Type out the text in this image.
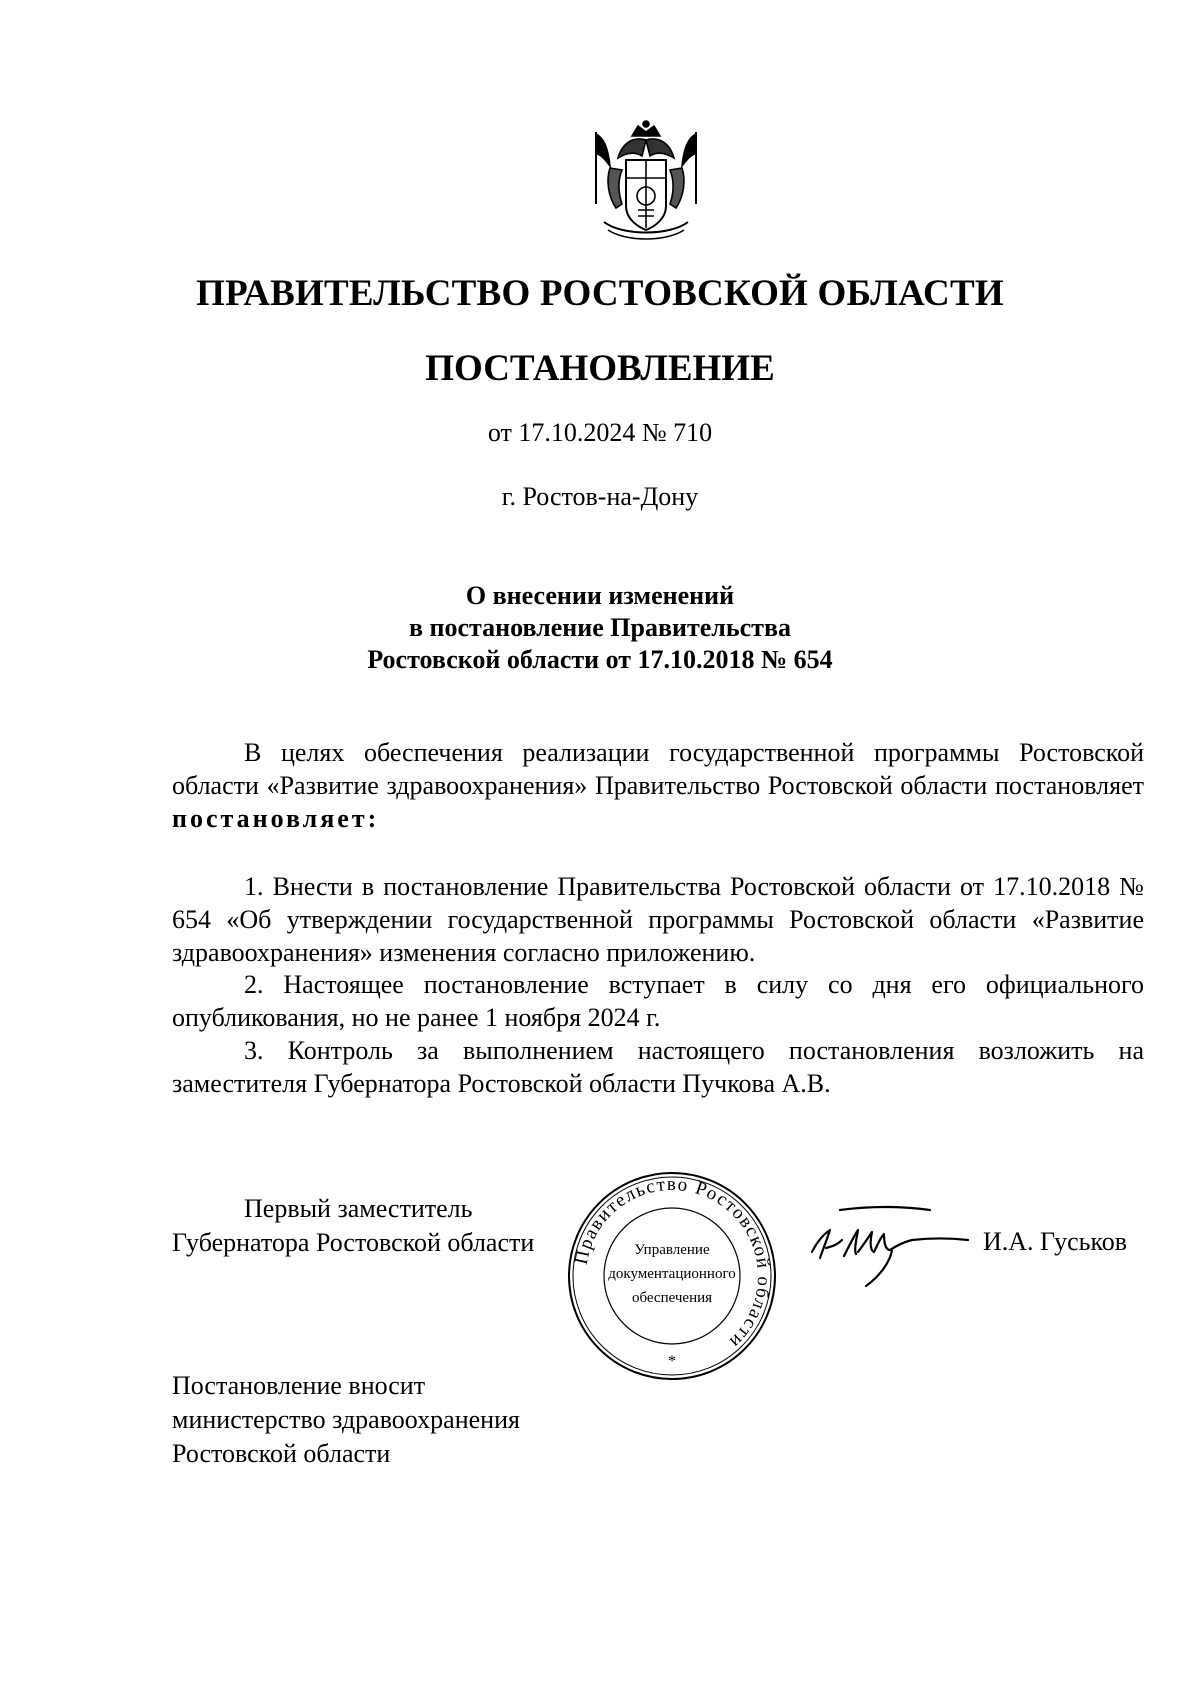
ПРАВИТЕЛЬСТВО РОСТОВСКОЙ ОБЛАСТИ
ПОСТАНОВЛЕНИЕ
от 17.10.2024 № 710
г. Ростов-на-Дону
О внесении изменений
в постановление Правительства
Ростовской области от 17.10.2018 № 654

В целях обеспечения реализации государственной программы Ростовской области «Развитие здравоохранения» Правительство Ростовской области постановляет постановляет:

1. Внести в постановление Правительства Ростовской области от 17.10.2018 № 654 «Об утверждении государственной программы Ростовской области «Развитие здравоохранения» изменения согласно приложению.

2. Настоящее постановление вступает в силу со дня его официального опубликования, но не ранее 1 ноября 2024 г.

3. Контроль за выполнением настоящего постановления возложить на заместителя Губернатора Ростовской области Пучкова А.В.

Первый заместитель
Губернатора Ростовской области Правительство Ростовской области
Управление
документационного
обеспечения
*
И.А. Гуськов
Постановление вносит
министерство здравоохранения
Ростовской области
